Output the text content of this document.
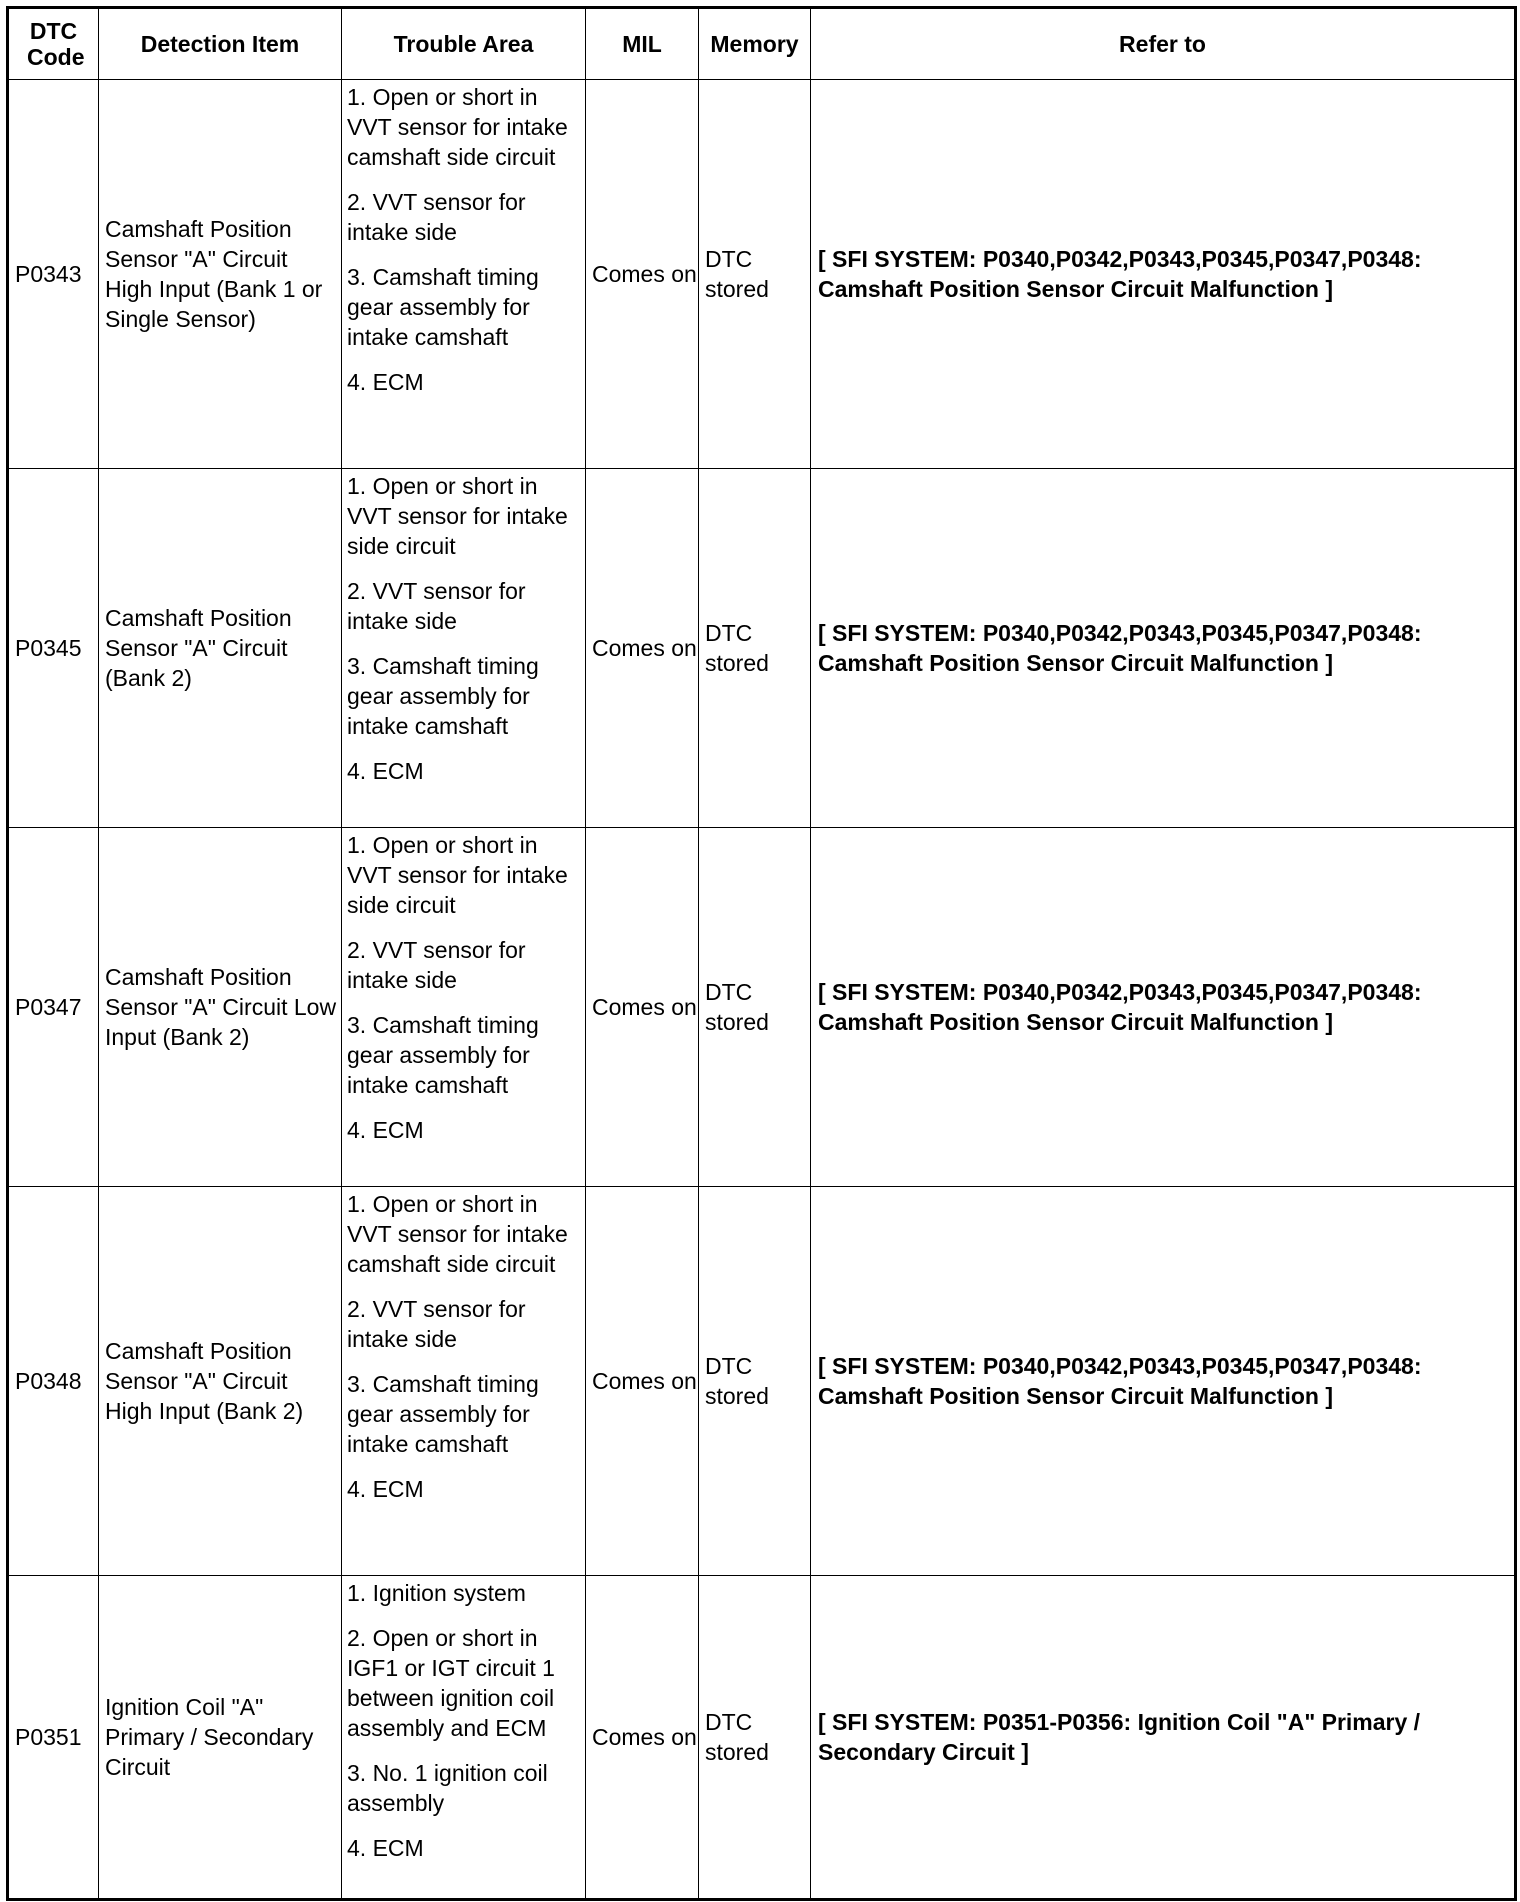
DTC Code	Detection Item	Trouble Area	MIL	Memory	Refer to
P0343	Camshaft Position Sensor "A" Circuit High Input (Bank 1 or Single Sensor)	1. Open or short in VVT sensor for intake camshaft side circuit
2. VVT sensor for intake side
3. Camshaft timing gear assembly for intake camshaft
4. ECM	Comes on	DTC stored	[ SFI SYSTEM: P0340,P0342,P0343,P0345,P0347,P0348: Camshaft Position Sensor Circuit Malfunction ]
P0345	Camshaft Position Sensor "A" Circuit (Bank 2)	1. Open or short in VVT sensor for intake side circuit
2. VVT sensor for intake side
3. Camshaft timing gear assembly for intake camshaft
4. ECM	Comes on	DTC stored	[ SFI SYSTEM: P0340,P0342,P0343,P0345,P0347,P0348: Camshaft Position Sensor Circuit Malfunction ]
P0347	Camshaft Position Sensor "A" Circuit Low Input (Bank 2)	1. Open or short in VVT sensor for intake side circuit
2. VVT sensor for intake side
3. Camshaft timing gear assembly for intake camshaft
4. ECM	Comes on	DTC stored	[ SFI SYSTEM: P0340,P0342,P0343,P0345,P0347,P0348: Camshaft Position Sensor Circuit Malfunction ]
P0348	Camshaft Position Sensor "A" Circuit High Input (Bank 2)	1. Open or short in VVT sensor for intake camshaft side circuit
2. VVT sensor for intake side
3. Camshaft timing gear assembly for intake camshaft
4. ECM	Comes on	DTC stored	[ SFI SYSTEM: P0340,P0342,P0343,P0345,P0347,P0348: Camshaft Position Sensor Circuit Malfunction ]
P0351	Ignition Coil "A" Primary / Secondary Circuit	1. Ignition system
2. Open or short in IGF1 or IGT circuit 1 between ignition coil assembly and ECM
3. No. 1 ignition coil assembly
4. ECM	Comes on	DTC stored	[ SFI SYSTEM: P0351-P0356: Ignition Coil "A" Primary / Secondary Circuit ]
